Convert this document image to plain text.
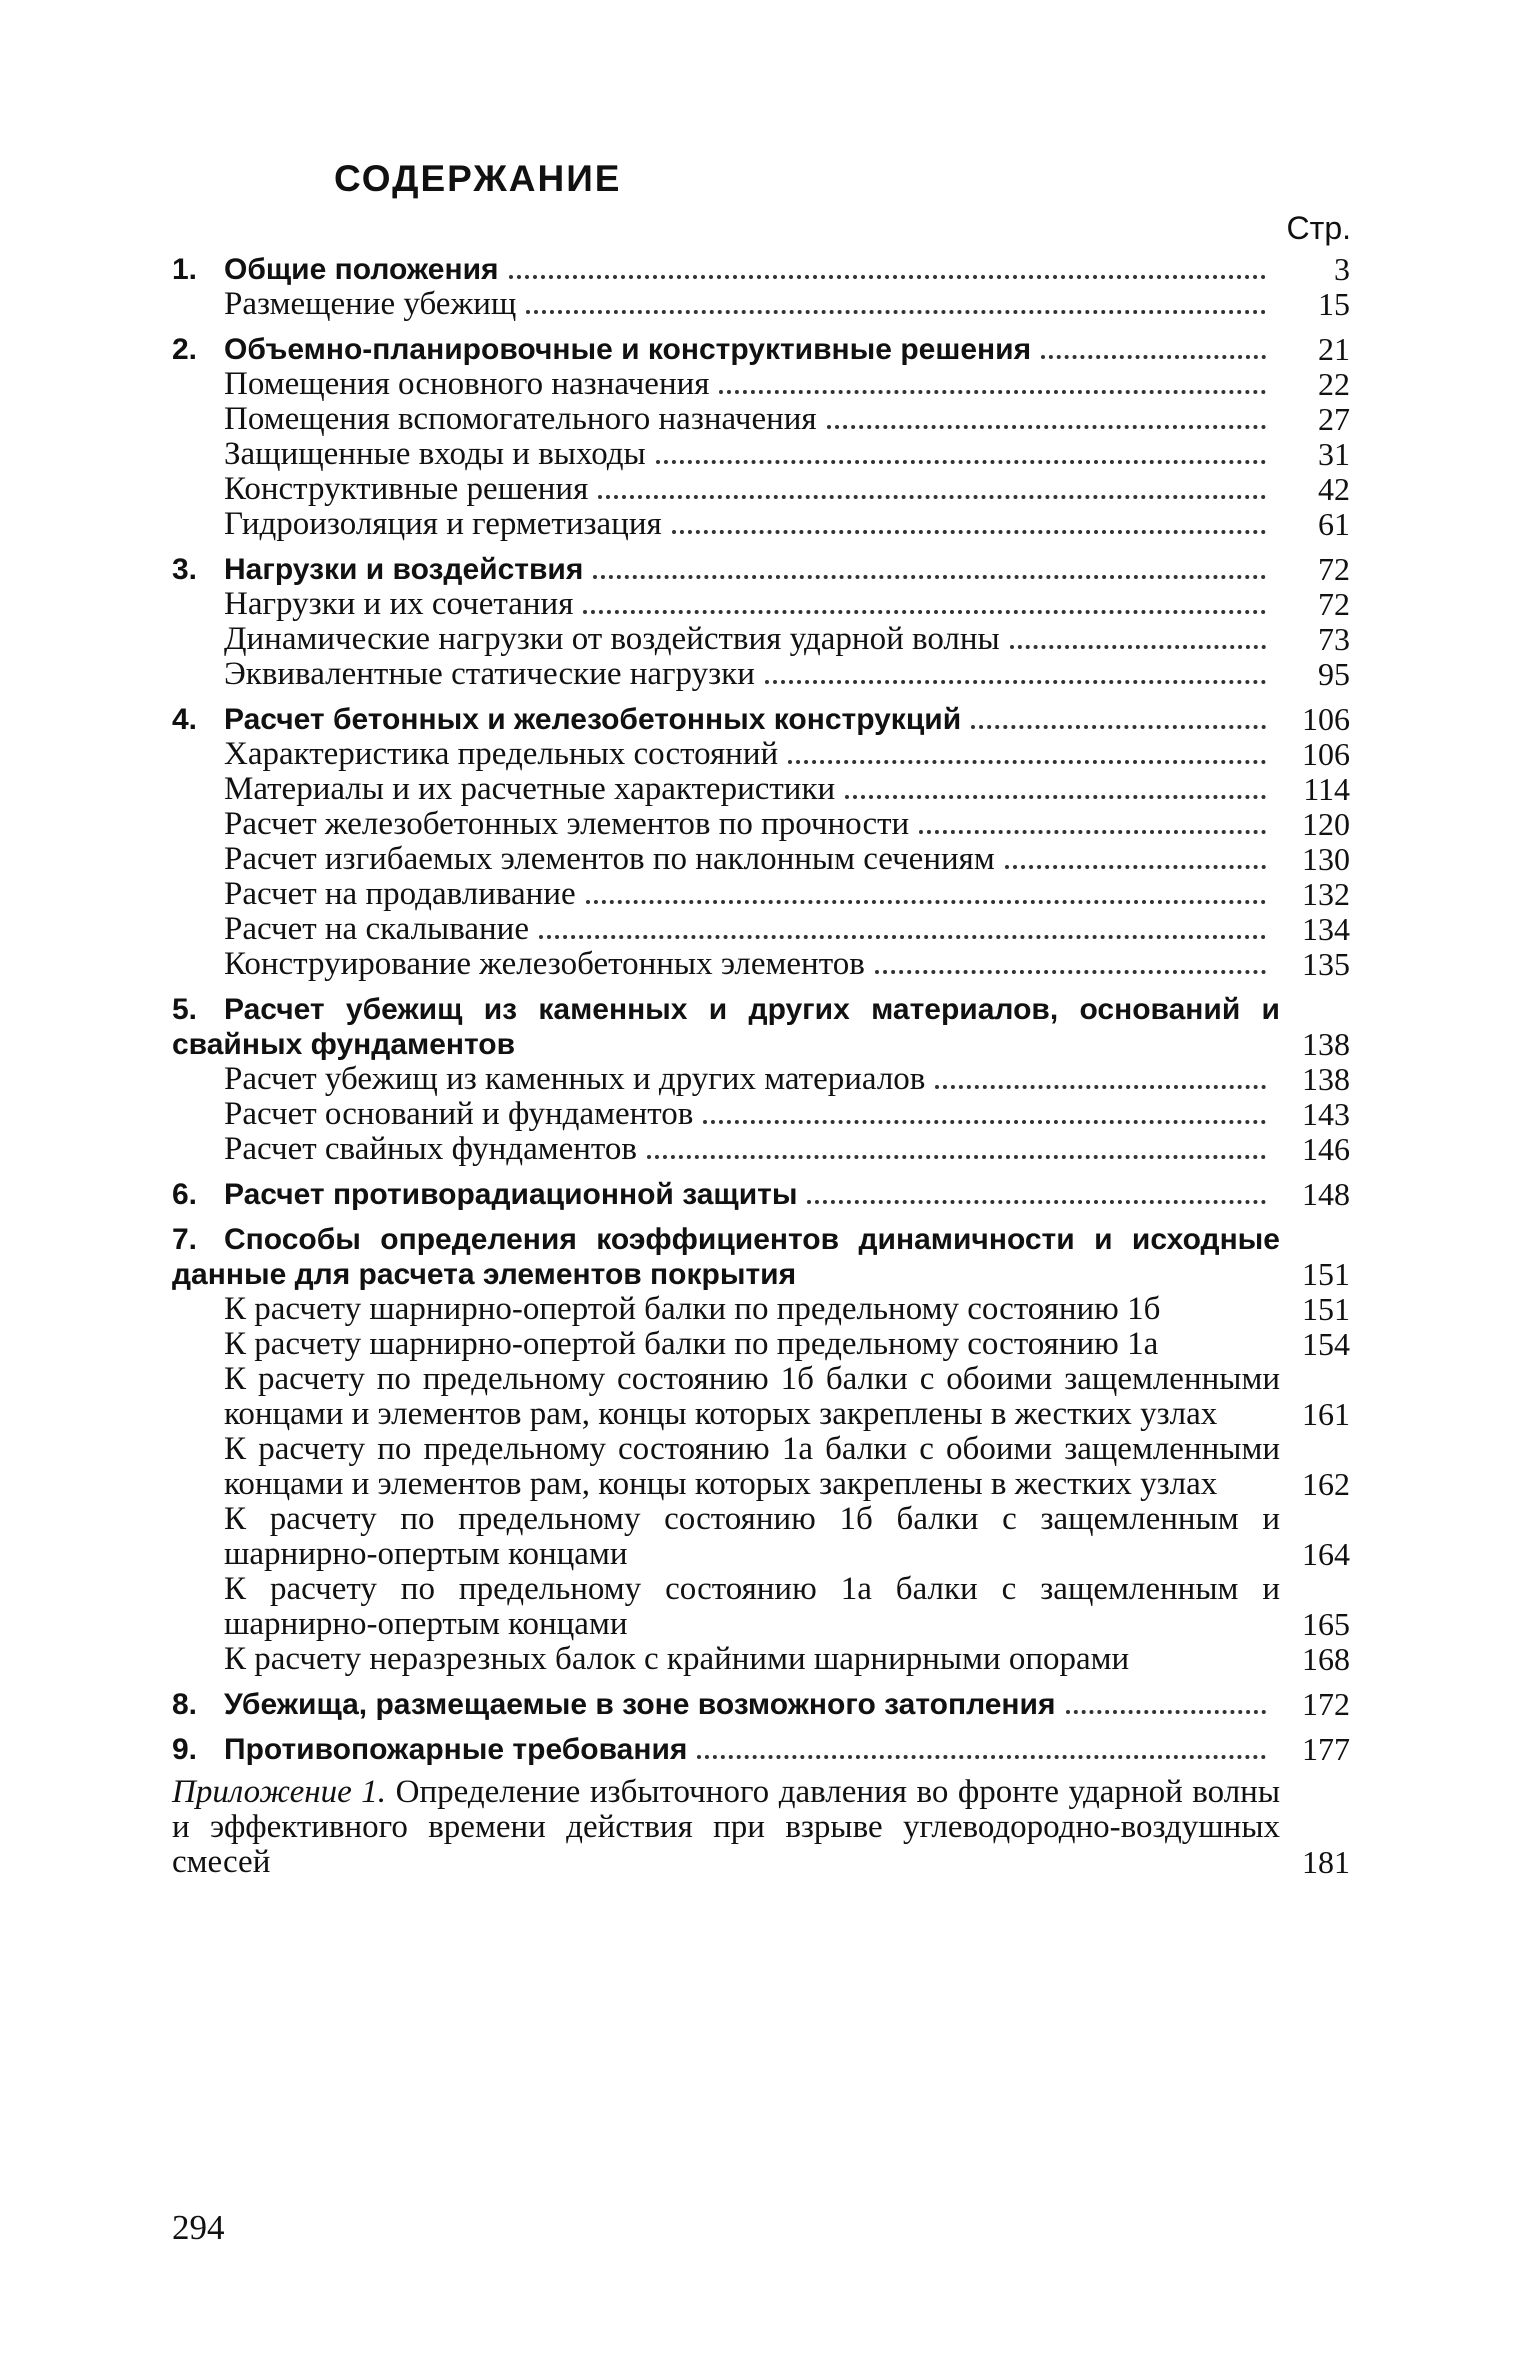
СОДЕРЖАНИЕ
Стр.
1. Общие положения	3
Размещение убежищ	15
2. Объемно-планировочные и конструктивные решения	21
Помещения основного назначения	22
Помещения вспомогательного назначения	27
Защищенные входы и выходы	31
Конструктивные решения	42
Гидроизоляция и герметизация	61
3. Нагрузки и воздействия	72
Нагрузки и их сочетания	72
Динамические нагрузки от воздействия ударной волны	73
Эквивалентные статические нагрузки	95
4. Расчет бетонных и железобетонных конструкций	106
Характеристика предельных состояний	106
Материалы и их расчетные характеристики	114
Расчет железобетонных элементов по прочности	120
Расчет изгибаемых элементов по наклонным сечениям	130
Расчет на продавливание	132
Расчет на скалывание	134
Конструирование железобетонных элементов	135
5. Расчет убежищ из каменных и других материалов, оснований и свайных фундаментов	138
Расчет убежищ из каменных и других материалов	138
Расчет оснований и фундаментов	143
Расчет свайных фундаментов	146
6. Расчет противорадиационной защиты	148
7. Способы определения коэффициентов динамичности и исходные данные для расчета элементов покрытия	151
К расчету шарнирно-опертой балки по предельному состоянию 1б	151
К расчету шарнирно-опертой балки по предельному состоянию 1а	154
К расчету по предельному состоянию 1б балки с обоими защемленными концами и элементов рам, концы которых закреплены в жестких узлах	161
К расчету по предельному состоянию 1а балки с обоими защемленными концами и элементов рам, концы которых закреплены в жестких узлах	162
К расчету по предельному состоянию 1б балки с защемленным и шарнирно-опертым концами	164
К расчету по предельному состоянию 1а балки с защемленным и шарнирно-опертым концами	165
К расчету неразрезных балок с крайними шарнирными опорами	168
8. Убежища, размещаемые в зоне возможного затопления	172
9. Противопожарные требования	177
Приложение 1. Определение избыточного давления во фронте ударной волны и эффективного времени действия при взрыве углеводородно-воздушных смесей	181
294
